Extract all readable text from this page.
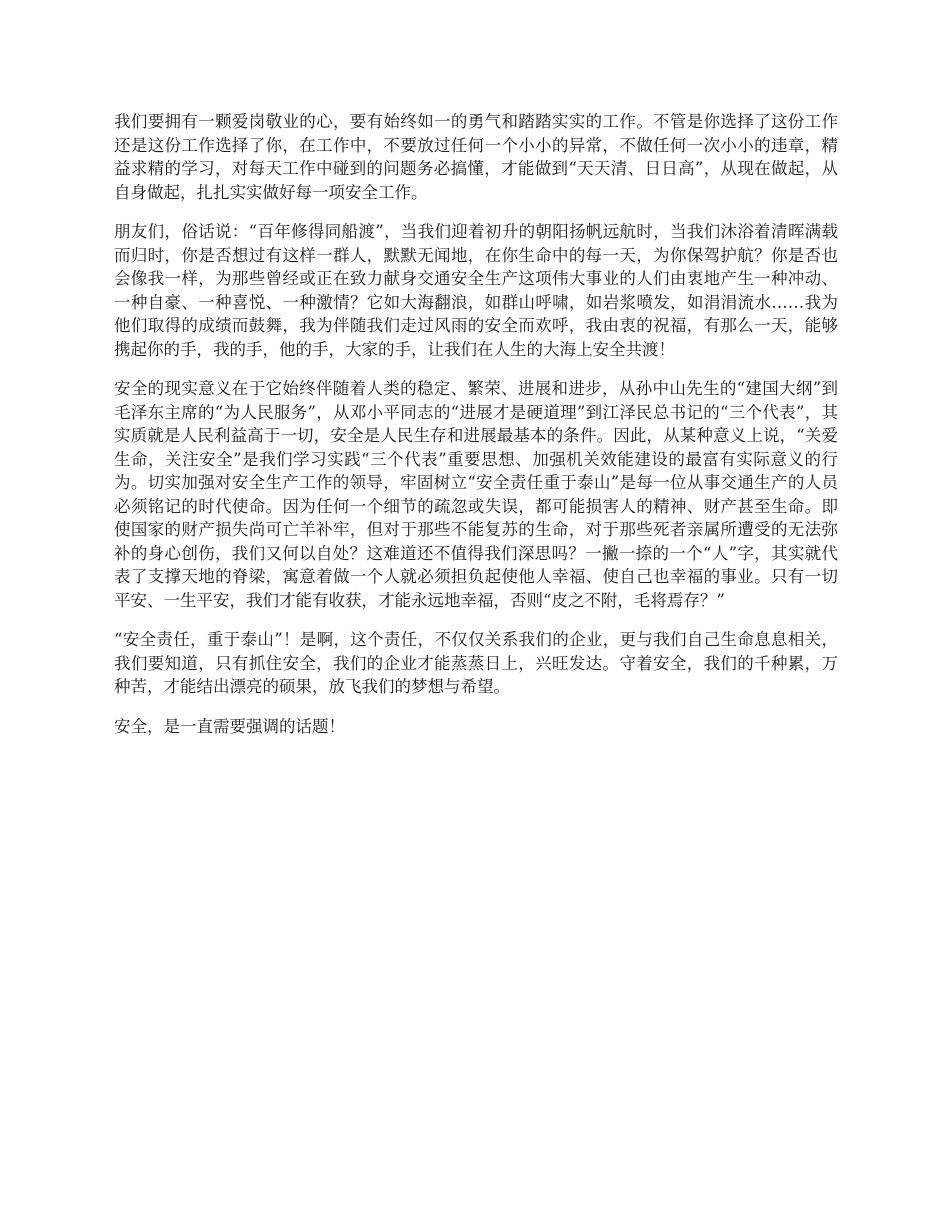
我们要拥有一颗爱岗敬业的心，要有始终如一的勇气和踏踏实实的工作。不管是你选择了这份工作还是这份工作选择了你，在工作中，不要放过任何一个小小的异常，不做任何一次小小的违章，精益求精的学习，对每天工作中碰到的问题务必搞懂，才能做到“天天清、日日高”，从现在做起，从自身做起，扎扎实实做好每一项安全工作。

朋友们，俗话说：“百年修得同船渡”，当我们迎着初升的朝阳扬帆远航时，当我们沐浴着清晖满载而归时，你是否想过有这样一群人，默默无闻地，在你生命中的每一天，为你保驾护航？你是否也会像我一样，为那些曾经或正在致力献身交通安全生产这项伟大事业的人们由衷地产生一种冲动、一种自豪、一种喜悦、一种激情？它如大海翻浪，如群山呼啸，如岩浆喷发，如涓涓流水……我为他们取得的成绩而鼓舞，我为伴随我们走过风雨的安全而欢呼，我由衷的祝福，有那么一天，能够携起你的手，我的手，他的手，大家的手，让我们在人生的大海上安全共渡！

安全的现实意义在于它始终伴随着人类的稳定、繁荣、进展和进步，从孙中山先生的“建国大纲”到毛泽东主席的“为人民服务”，从邓小平同志的“进展才是硬道理”到江泽民总书记的“三个代表”，其实质就是人民利益高于一切，安全是人民生存和进展最基本的条件。因此，从某种意义上说，“关爱生命，关注安全”是我们学习实践“三个代表”重要思想、加强机关效能建设的最富有实际意义的行为。切实加强对安全生产工作的领导，牢固树立“安全责任重于泰山”是每一位从事交通生产的人员必须铭记的时代使命。因为任何一个细节的疏忽或失误，都可能损害人的精神、财产甚至生命。即使国家的财产损失尚可亡羊补牢，但对于那些不能复苏的生命，对于那些死者亲属所遭受的无法弥补的身心创伤，我们又何以自处？这难道还不值得我们深思吗？一撇一捺的一个“人”字，其实就代表了支撑天地的脊梁，寓意着做一个人就必须担负起使他人幸福、使自己也幸福的事业。只有一切平安、一生平安，我们才能有收获，才能永远地幸福，否则“皮之不附，毛将焉存？”

“安全责任，重于泰山”！是啊，这个责任，不仅仅关系我们的企业，更与我们自己生命息息相关，我们要知道，只有抓住安全，我们的企业才能蒸蒸日上，兴旺发达。守着安全，我们的千种累，万种苦，才能结出漂亮的硕果，放飞我们的梦想与希望。

安全，是一直需要强调的话题！
